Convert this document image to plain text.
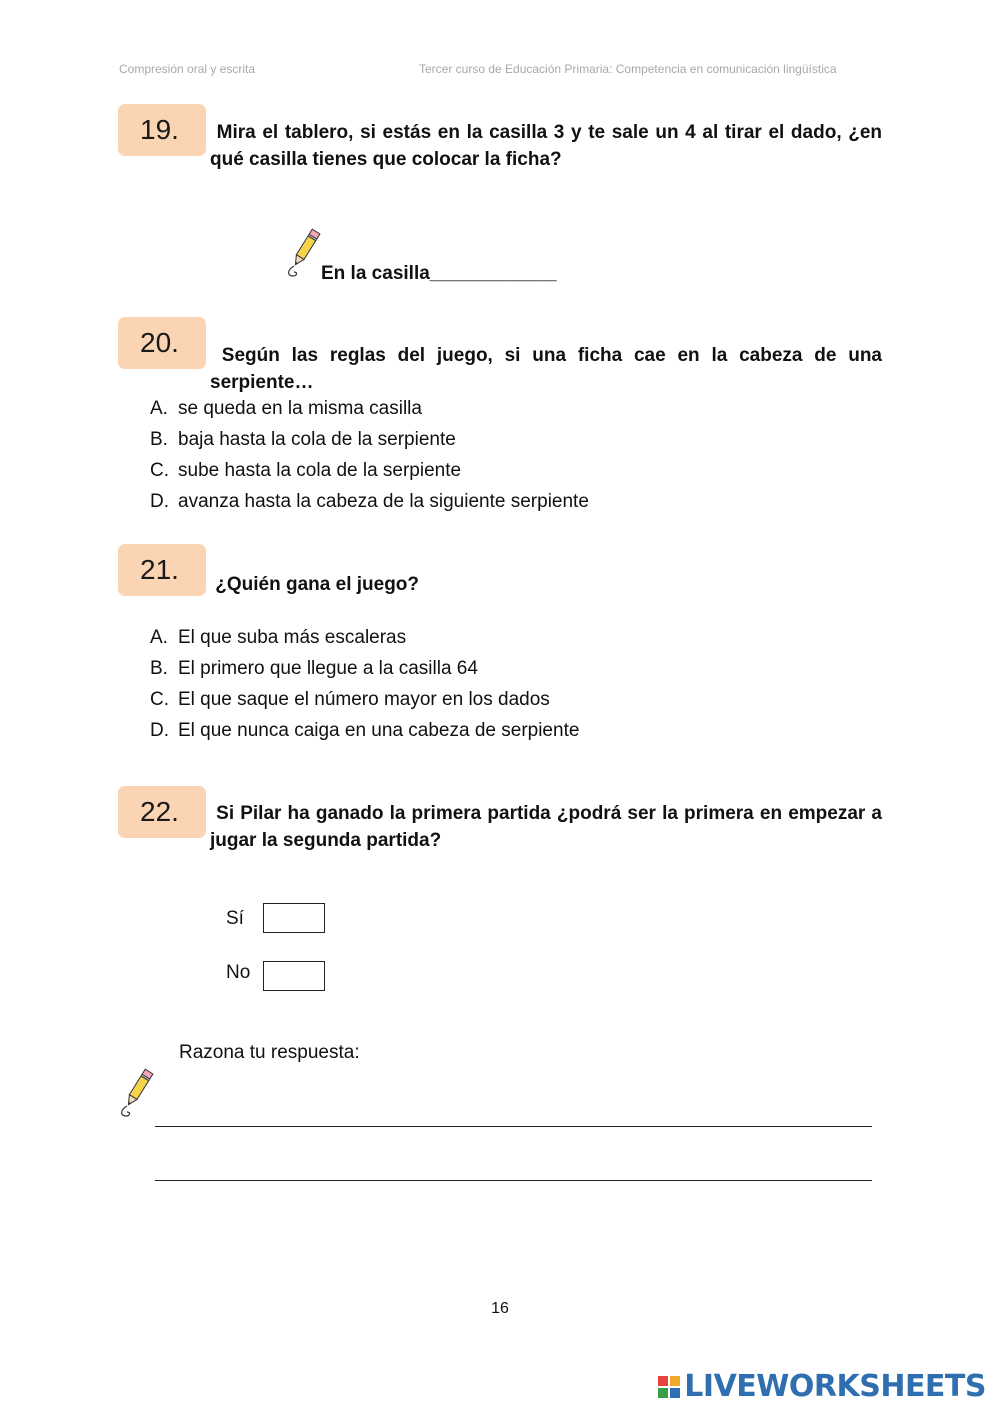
Compresión oral y escrita	Tercer curso de Educación Primaria: Competencia en comunicación lingüística
19.	Mira el tablero, si estás en la casilla 3 y te sale un 4 al tirar el dado, ¿en qué casilla tienes que colocar la ficha?
En la casilla____________
20.	Según las reglas del juego, si una ficha cae en la cabeza de una serpiente…
A. se queda en la misma casilla
B. baja hasta la cola de la serpiente
C. sube hasta la cola de la serpiente
D. avanza hasta la cabeza de la siguiente serpiente
21.	¿Quién gana el juego?
A. El que suba más escaleras
B. El primero que llegue a la casilla 64
C. El que saque el número mayor en los dados
D. El que nunca caiga en una cabeza de serpiente
22.	Si Pilar ha ganado la primera partida ¿podrá ser la primera en empezar a jugar la segunda partida?
Sí
No
Razona tu respuesta:
16
LIVEWORKSHEETS
